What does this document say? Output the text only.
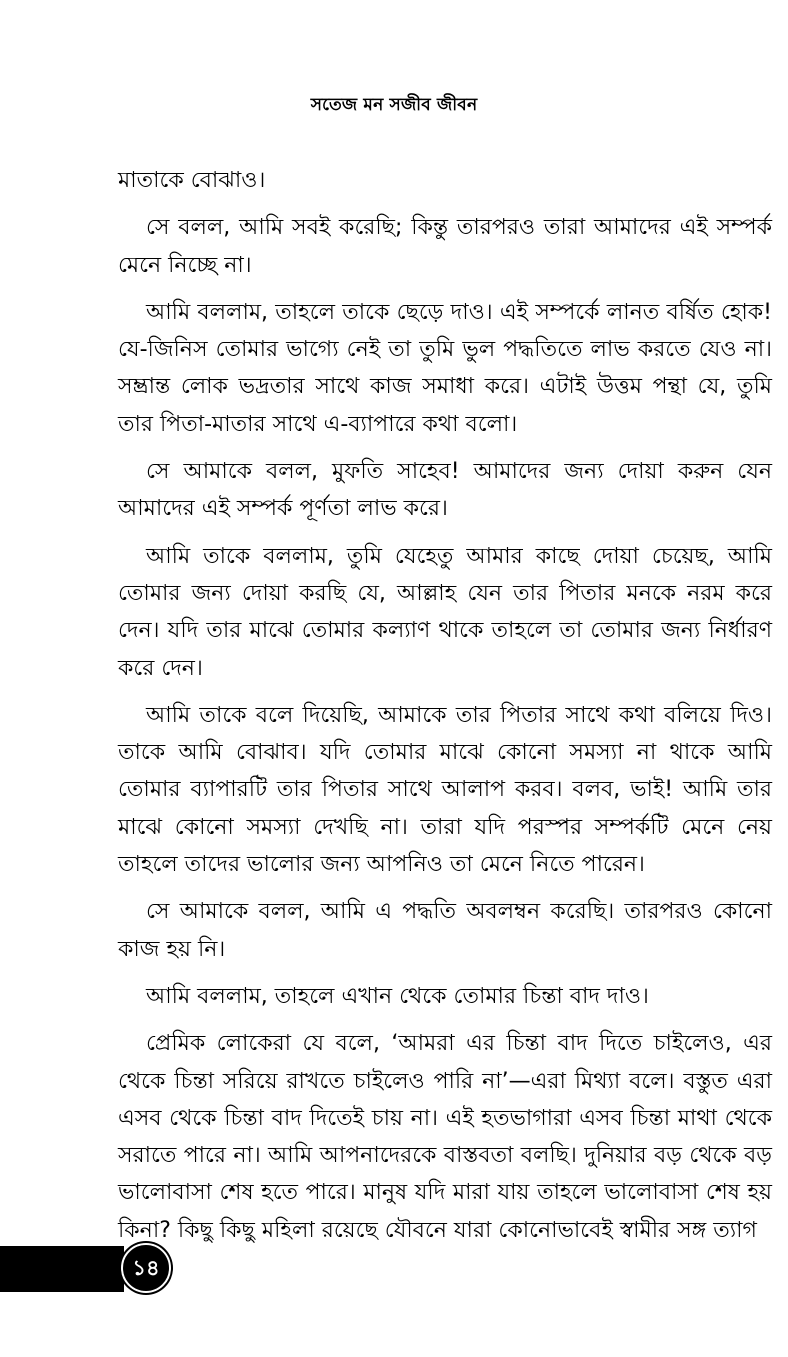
সতেজ মন সজীব জীবন

মাতাকে বোঝাও।

সে বলল, আমি সবই করেছি; কিন্তু তারপরও তারা আমাদের এই সম্পর্ক মেনে নিচ্ছে না।

আমি বললাম, তাহলে তাকে ছেড়ে দাও। এই সম্পর্কে লানত বর্ষিত হোক! যে-জিনিস তোমার ভাগ্যে নেই তা তুমি ভুল পদ্ধতিতে লাভ করতে যেও না। সম্ভ্রান্ত লোক ভদ্রতার সাথে কাজ সমাধা করে। এটাই উত্তম পন্থা যে, তুমি তার পিতা-মাতার সাথে এ-ব্যাপারে কথা বলো।

সে আমাকে বলল, মুফতি সাহেব! আমাদের জন্য দোয়া করুন যেন আমাদের এই সম্পর্ক পূর্ণতা লাভ করে।

আমি তাকে বললাম, তুমি যেহেতু আমার কাছে দোয়া চেয়েছ, আমি তোমার জন্য দোয়া করছি যে, আল্লাহ যেন তার পিতার মনকে নরম করে দেন। যদি তার মাঝে তোমার কল্যাণ থাকে তাহলে তা তোমার জন্য নির্ধারণ করে দেন।

আমি তাকে বলে দিয়েছি, আমাকে তার পিতার সাথে কথা বলিয়ে দিও। তাকে আমি বোঝাব। যদি তোমার মাঝে কোনো সমস্যা না থাকে আমি তোমার ব্যাপারটি তার পিতার সাথে আলাপ করব। বলব, ভাই! আমি তার মাঝে কোনো সমস্যা দেখছি না। তারা যদি পরস্পর সম্পর্কটি মেনে নেয় তাহলে তাদের ভালোর জন্য আপনিও তা মেনে নিতে পারেন।

সে আমাকে বলল, আমি এ পদ্ধতি অবলম্বন করেছি। তারপরও কোনো কাজ হয় নি।

আমি বললাম, তাহলে এখান থেকে তোমার চিন্তা বাদ দাও।

প্রেমিক লোকেরা যে বলে, ‘আমরা এর চিন্তা বাদ দিতে চাইলেও, এর থেকে চিন্তা সরিয়ে রাখতে চাইলেও পারি না’—এরা মিথ্যা বলে। বস্তুত এরা এসব থেকে চিন্তা বাদ দিতেই চায় না। এই হতভাগারা এসব চিন্তা মাথা থেকে সরাতে পারে না। আমি আপনাদেরকে বাস্তবতা বলছি। দুনিয়ার বড় থেকে বড় ভালোবাসা শেষ হতে পারে। মানুষ যদি মারা যায় তাহলে ভালোবাসা শেষ হয় কিনা? কিছু কিছু মহিলা রয়েছে যৌবনে যারা কোনোভাবেই স্বামীর সঙ্গ ত্যাগ

১৪
